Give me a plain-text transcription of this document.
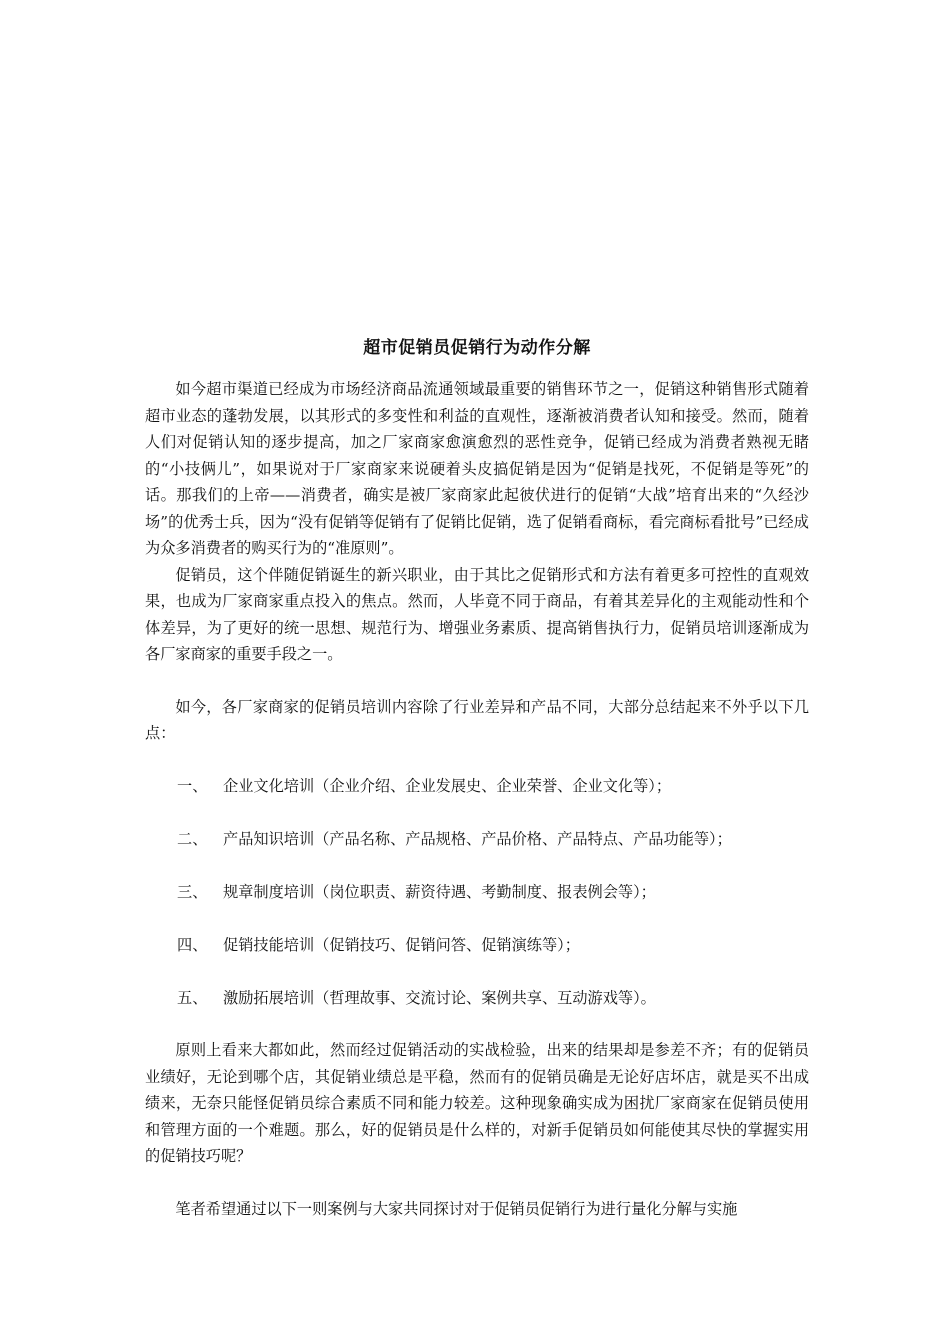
超市促销员促销行为动作分解

如今超市渠道已经成为市场经济商品流通领域最重要的销售环节之一，促销这种销售形式随着超市业态的蓬勃发展，以其形式的多变性和利益的直观性，逐渐被消费者认知和接受。然而，随着人们对促销认知的逐步提高，加之厂家商家愈演愈烈的恶性竞争，促销已经成为消费者熟视无睹的“小技俩儿”，如果说对于厂家商家来说硬着头皮搞促销是因为“促销是找死，不促销是等死”的话。那我们的上帝——消费者，确实是被厂家商家此起彼伏进行的促销“大战”培育出来的“久经沙场”的优秀士兵，因为“没有促销等促销有了促销比促销，选了促销看商标，看完商标看批号”已经成为众多消费者的购买行为的“准原则”。

促销员，这个伴随促销诞生的新兴职业，由于其比之促销形式和方法有着更多可控性的直观效果，也成为厂家商家重点投入的焦点。然而，人毕竟不同于商品，有着其差异化的主观能动性和个体差异，为了更好的统一思想、规范行为、增强业务素质、提高销售执行力，促销员培训逐渐成为各厂家商家的重要手段之一。

如今，各厂家商家的促销员培训内容除了行业差异和产品不同，大部分总结起来不外乎以下几点：

一、	企业文化培训（企业介绍、企业发展史、企业荣誉、企业文化等）；
二、	产品知识培训（产品名称、产品规格、产品价格、产品特点、产品功能等）；
三、	规章制度培训（岗位职责、薪资待遇、考勤制度、报表例会等）；
四、	促销技能培训（促销技巧、促销问答、促销演练等）；
五、	激励拓展培训（哲理故事、交流讨论、案例共享、互动游戏等）。

原则上看来大都如此，然而经过促销活动的实战检验，出来的结果却是参差不齐；有的促销员业绩好，无论到哪个店，其促销业绩总是平稳，然而有的促销员确是无论好店坏店，就是买不出成绩来，无奈只能怪促销员综合素质不同和能力较差。这种现象确实成为困扰厂家商家在促销员使用和管理方面的一个难题。那么，好的促销员是什么样的，对新手促销员如何能使其尽快的掌握实用的促销技巧呢？

笔者希望通过以下一则案例与大家共同探讨对于促销员促销行为进行量化分解与实施
